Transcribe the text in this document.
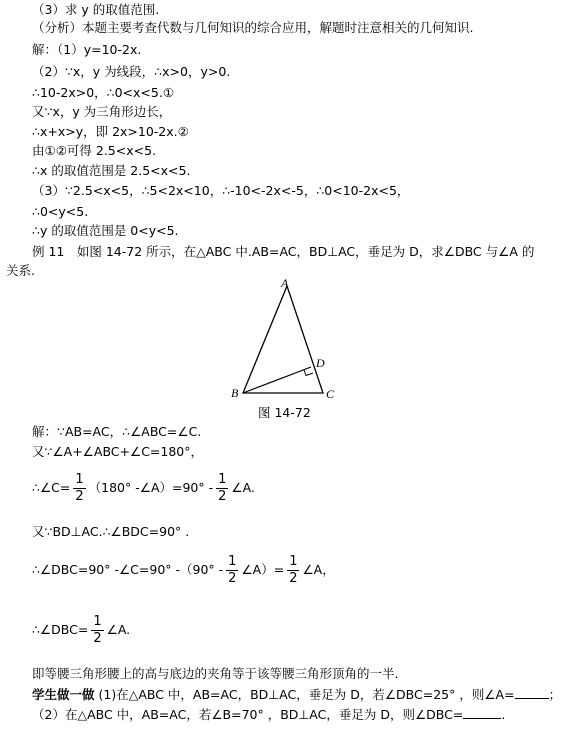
（3）求 y 的取值范围.
（分析）本题主要考查代数与几何知识的综合应用，解题时注意相关的几何知识.
解：（1）y=10-2x.
（2）∵x，y 为线段，∴x>0，y>0.
∴10-2x>0，∴0<x<5.①
又∵x，y 为三角形边长，
∴x+x>y，即 2x>10-2x.②
由①②可得 2.5<x<5.
∴x 的取值范围是 2.5<x<5.
（3）∵2.5<x<5，∴5<2x<10，∴-10<-2x<-5，∴0<10-2x<5，
∴0<y<5.
∴y 的取值范围是 0<y<5.
例 11　如图 14-72 所示，在△ABC 中.AB=AC，BD⊥AC，垂足为 D，求∠DBC 与∠A 的
关系.
A
B	C
D
图 14-72
解：∵AB=AC，∴∠ABC=∠C.
又∵∠A+∠ABC+∠C=180°，
∴∠C= $\frac{1}{2} (180^\circ$ -∠A）=90° - $\frac{1}{2}$ ∠A.
又∵BD⊥AC.∴∠BDC=90° .
∴∠DBC=90° -∠C=90° $-(90^\circ - \frac{1}{2}$ ∠A）= $\frac{1}{2}$ ∠A，
∴∠DBC= $\frac{1}{2}$ ∠A.
即等腰三角形腰上的高与底边的夹角等于该等腰三角形顶角的一半.
学生做一做 (1)在△ABC 中，AB=AC，BD⊥AC，垂足为 D，若∠DBC=25° ，则∠A=	；
（2）在△ABC 中，AB=AC，若∠B=70° ，BD⊥AC，垂足为 D，则∠DBC=	.
